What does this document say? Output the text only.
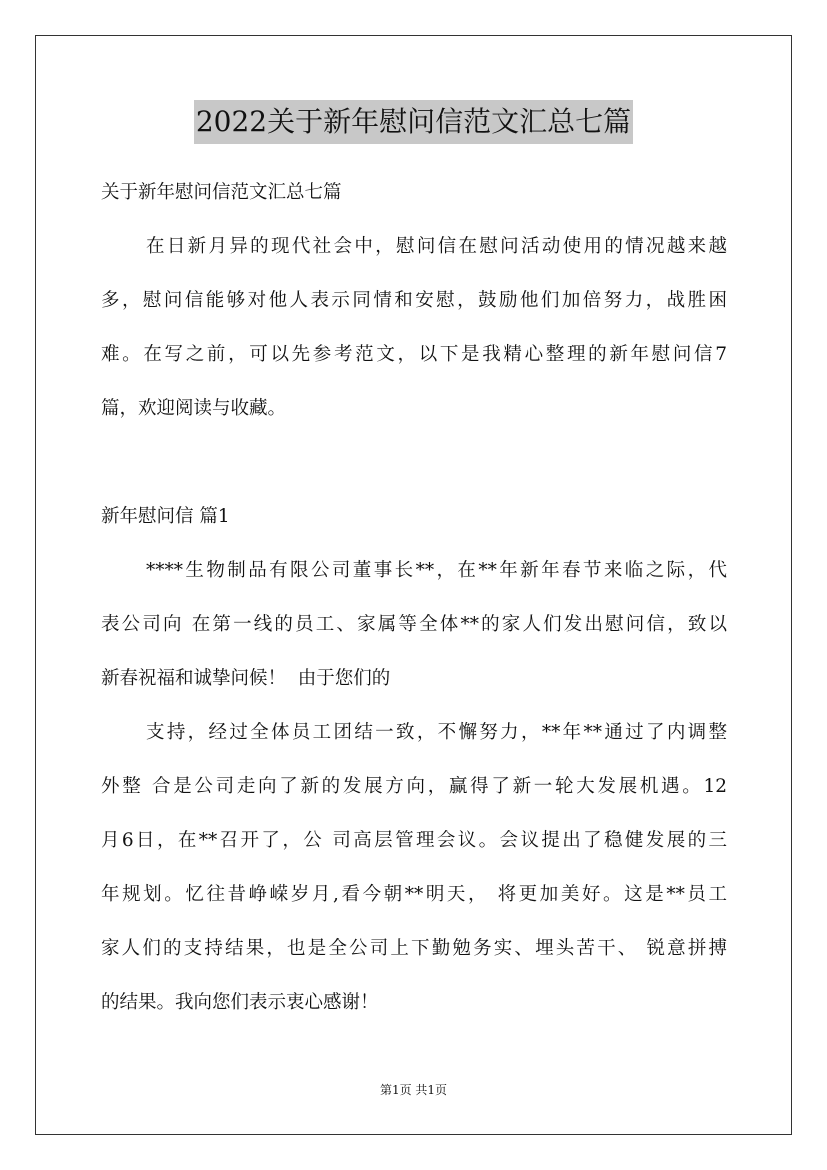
2022关于新年慰问信范文汇总七篇
关于新年慰问信范文汇总七篇
在日新月异的现代社会中，慰问信在慰问活动使用的情况越来越
多，慰问信能够对他人表示同情和安慰，鼓励他们加倍努力，战胜困
难。在写之前，可以先参考范文，以下是我精心整理的新年慰问信7
篇，欢迎阅读与收藏。
新年慰问信 篇1
****生物制品有限公司董事长**，在**年新年春节来临之际，代
表公司向 在第一线的员工、家属等全体**的家人们发出慰问信，致以
新春祝福和诚挚问候！  由于您们的
支持，经过全体员工团结一致，不懈努力，**年**通过了内调整
外整 合是公司走向了新的发展方向，赢得了新一轮大发展机遇。12
月6日，在**召开了，公 司高层管理会议。会议提出了稳健发展的三
年规划。忆往昔峥嵘岁月,看今朝**明天， 将更加美好。这是**员工
家人们的支持结果，也是全公司上下勤勉务实、埋头苦干、 锐意拼搏
的结果。我向您们表示衷心感谢！
第1页 共1页
